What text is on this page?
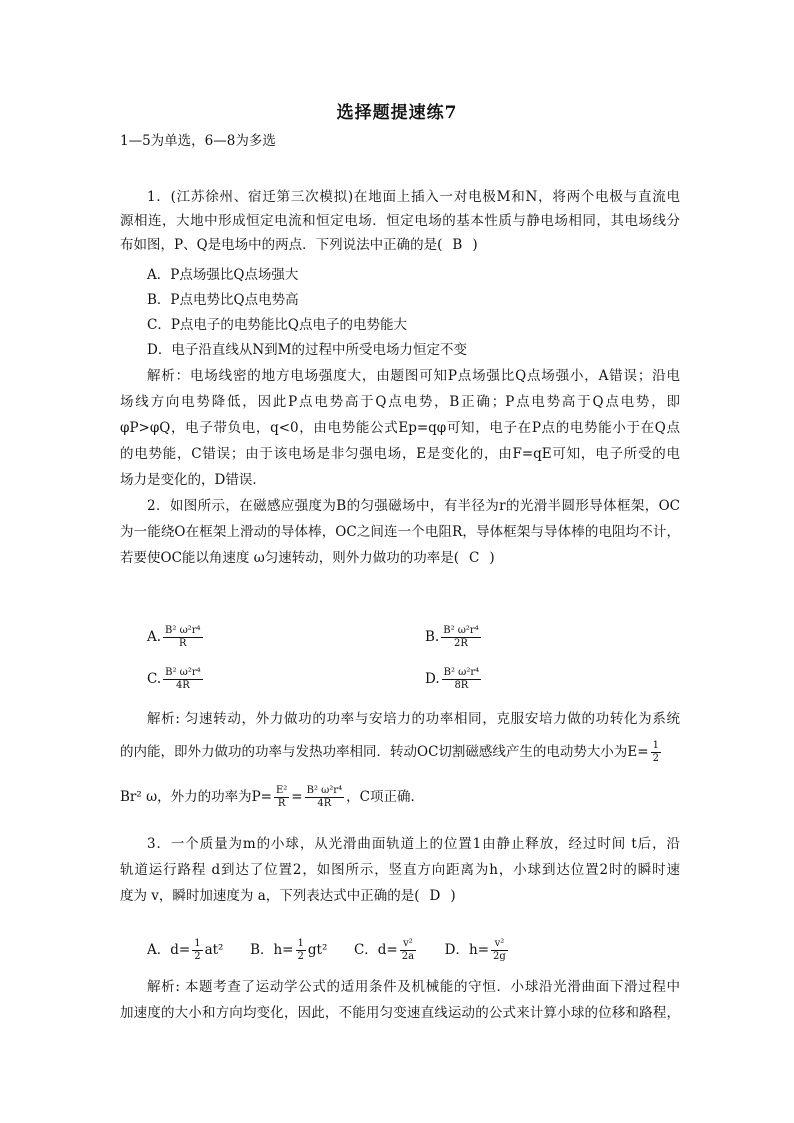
选择题提速练7
1—5为单选，6—8为多选
1．(江苏徐州、宿迁第三次模拟)在地面上插入一对电极M和N，将两个电极与直流电
源相连，大地中形成恒定电流和恒定电场．恒定电场的基本性质与静电场相同，其电场线分
布如图，P、Q是电场中的两点．下列说法中正确的是( B )
A．P点场强比Q点场强大
B．P点电势比Q点电势高
C．P点电子的电势能比Q点电子的电势能大
D．电子沿直线从N到M的过程中所受电场力恒定不变
解析：电场线密的地方电场强度大，由题图可知P点场强比Q点场强小，A错误；沿电
场线方向电势降低，因此P点电势高于Q点电势，B正确；P点电势高于Q点电势，即
φP>φQ，电子带负电，q<0，由电势能公式Ep=qφ可知，电子在P点的电势能小于在Q点
的电势能，C错误；由于该电场是非匀强电场，E是变化的，由F=qE可知，电子所受的电
场力是变化的，D错误．
2．如图所示，在磁感应强度为B的匀强磁场中，有半径为r的光滑半圆形导体框架，OC
为一能绕O在框架上滑动的导体棒，OC之间连一个电阻R，导体框架与导体棒的电阻均不计，
若要使OC能以角速度 ω匀速转动，则外力做功的功率是( C )
A. $\frac{\text{B² ω²r⁴}}{R}$	B. $\frac{\text{B² ω²r⁴}}{2R}$
C. $\frac{\text{B² ω²r⁴}}{4R}$	D. $\frac{\text{B² ω²r⁴}}{8R}$
解析: 匀速转动，外力做功的功率与安培力的功率相同，克服安培力做的功转化为系统
的内能，即外力做功的功率与发热功率相同．转动OC切割磁感线产生的电动势大小为$E= \frac{1}{2}$
Br² ω，外力的功率为$P= \frac{\text{E²}}{R} = \frac{\text{B² ω²r⁴}}{4R}$ ，C项正确．
3．一个质量为m的小球，从光滑曲面轨道上的位置1由静止释放，经过时间 t后，沿
轨道运行路程 d到达了位置2，如图所示，竖直方向距离为h，小球到达位置2时的瞬时速
度为 v，瞬时加速度为 a，下列表达式中正确的是( D )
A．$d= \frac{1}{2} at^2$ B．$h= \frac{1}{2} gt^2$ C．$d= \frac{\text{v²}}{2a}$ D．$h= \frac{\text{v²}}{2g}$
解析: 本题考查了运动学公式的适用条件及机械能的守恒．小球沿光滑曲面下滑过程中
加速度的大小和方向均变化，因此，不能用匀变速直线运动的公式来计算小球的位移和路程，
